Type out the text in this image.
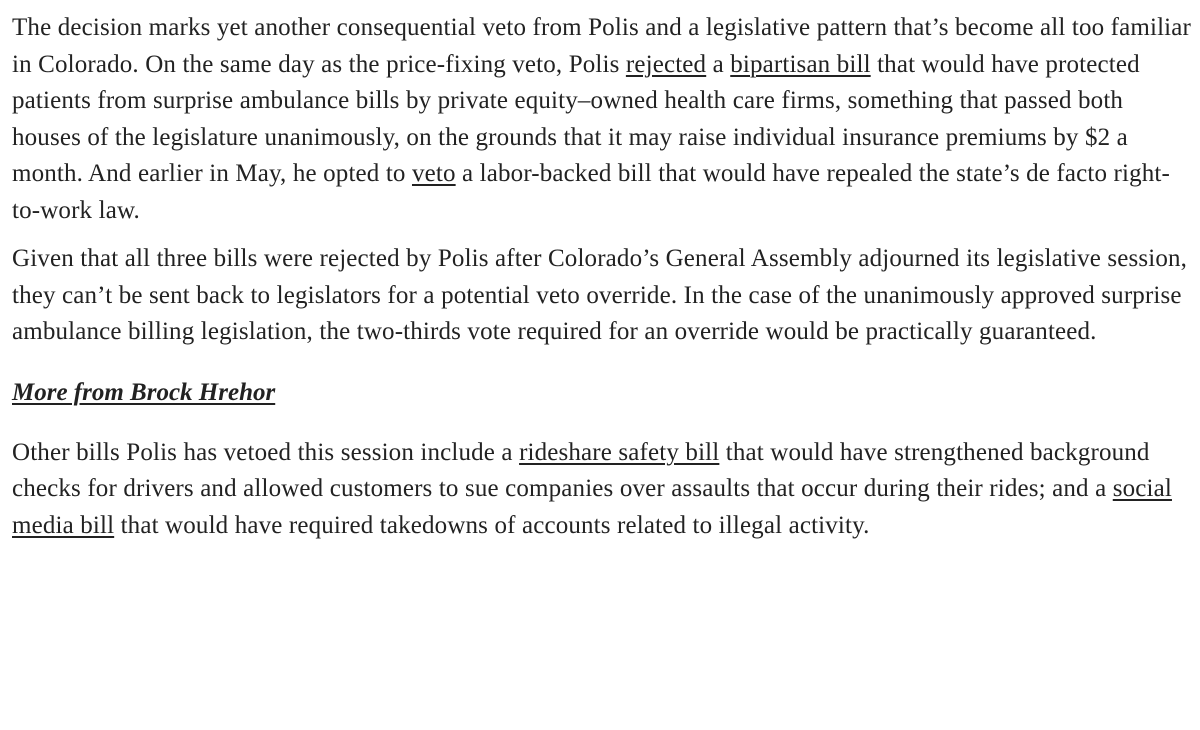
The decision marks yet another consequential veto from Polis and a legislative pattern that’s become all too familiar in Colorado. On the same day as the price-fixing veto, Polis rejected a bipartisan bill that would have protected patients from surprise ambulance bills by private equity–owned health care firms, something that passed both houses of the legislature unanimously, on the grounds that it may raise individual insurance premiums by $2 a month. And earlier in May, he opted to veto a labor-backed bill that would have repealed the state’s de facto right-to-work law.

Given that all three bills were rejected by Polis after Colorado’s General Assembly adjourned its legislative session, they can’t be sent back to legislators for a potential veto override. In the case of the unanimously approved surprise ambulance billing legislation, the two-thirds vote required for an override would be practically guaranteed.

More from Brock Hrehor

Other bills Polis has vetoed this session include a rideshare safety bill that would have strengthened background checks for drivers and allowed customers to sue companies over assaults that occur during their rides; and a social media bill that would have required takedowns of accounts related to illegal activity.
